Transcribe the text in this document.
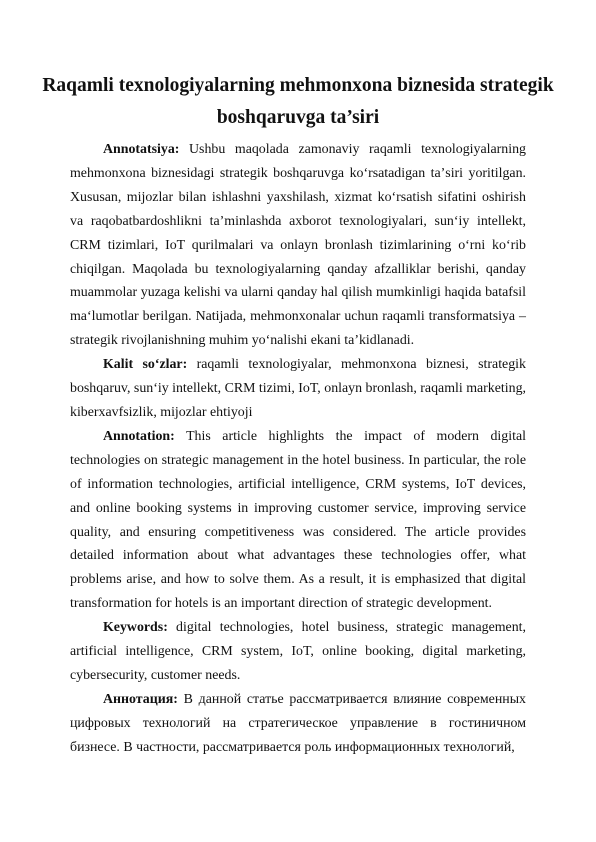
Raqamli texnologiyalarning mehmonxona biznesida strategik boshqaruvga ta’siri

Annotatsiya: Ushbu maqolada zamonaviy raqamli texnologiyalarning mehmonxona biznesidagi strategik boshqaruvga koʻrsatadigan taʼsiri yoritilgan. Xususan, mijozlar bilan ishlashni yaxshilash, xizmat koʻrsatish sifatini oshirish va raqobatbardoshlikni taʼminlashda axborot texnologiyalari, sunʻiy intellekt, CRM tizimlari, IoT qurilmalari va onlayn bronlash tizimlarining oʻrni koʻrib chiqilgan. Maqolada bu texnologiyalarning qanday afzalliklar berishi, qanday muammolar yuzaga kelishi va ularni qanday hal qilish mumkinligi haqida batafsil maʻlumotlar berilgan. Natijada, mehmonxonalar uchun raqamli transformatsiya – strategik rivojlanishning muhim yoʻnalishi ekani taʼkidlanadi.

Kalit soʻzlar: raqamli texnologiyalar, mehmonxona biznesi, strategik boshqaruv, sunʻiy intellekt, CRM tizimi, IoT, onlayn bronlash, raqamli marketing, kiberxavfsizlik, mijozlar ehtiyoji

Annotation: This article highlights the impact of modern digital technologies on strategic management in the hotel business. In particular, the role of information technologies, artificial intelligence, CRM systems, IoT devices, and online booking systems in improving customer service, improving service quality, and ensuring competitiveness was considered. The article provides detailed information about what advantages these technologies offer, what problems arise, and how to solve them. As a result, it is emphasized that digital transformation for hotels is an important direction of strategic development.

Keywords: digital technologies, hotel business, strategic management, artificial intelligence, CRM system, IoT, online booking, digital marketing, cybersecurity, customer needs.

Аннотация: В данной статье рассматривается влияние современных цифровых технологий на стратегическое управление в гостиничном бизнесе. В частности, рассматривается роль информационных технологий,
